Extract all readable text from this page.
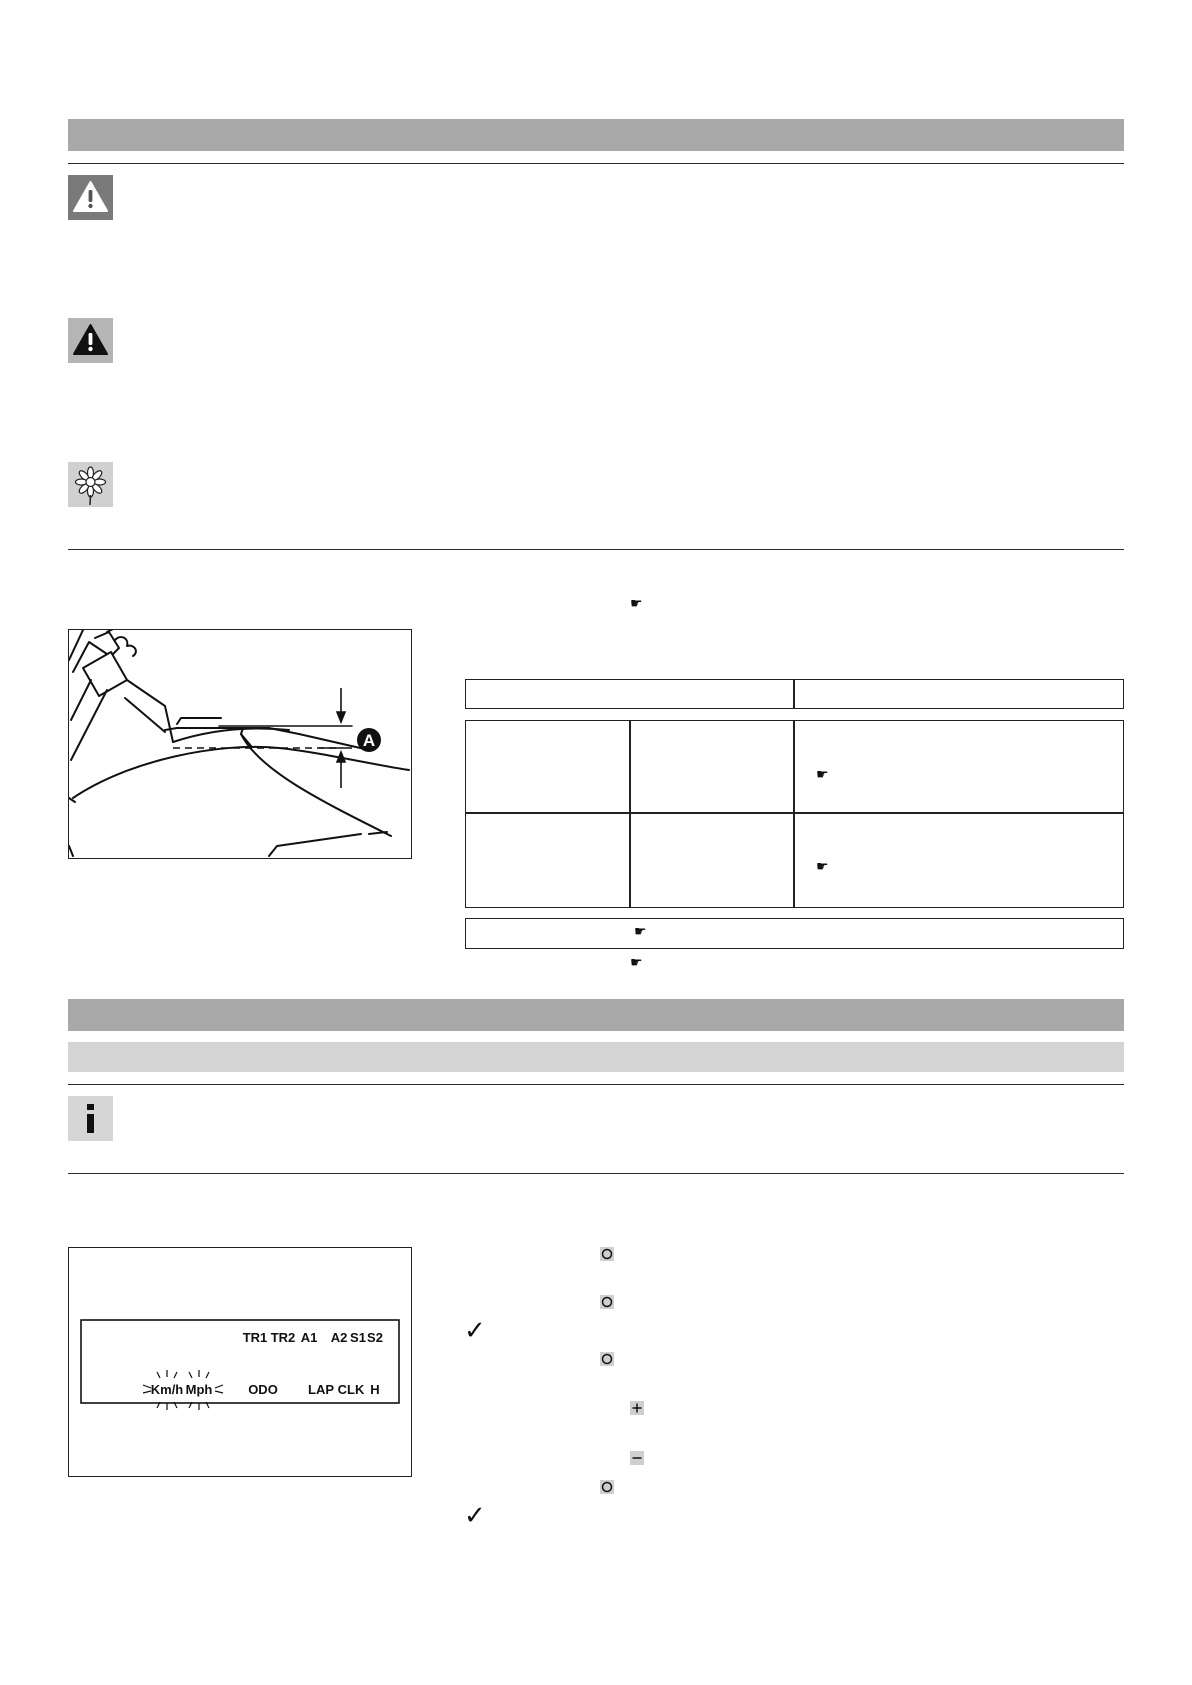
☛
A
☛
☛
☛
☛
TR1 TR2 A1 A2 S1 S2
Km/h Mph	ODO LAP CLK H
✓
✓
